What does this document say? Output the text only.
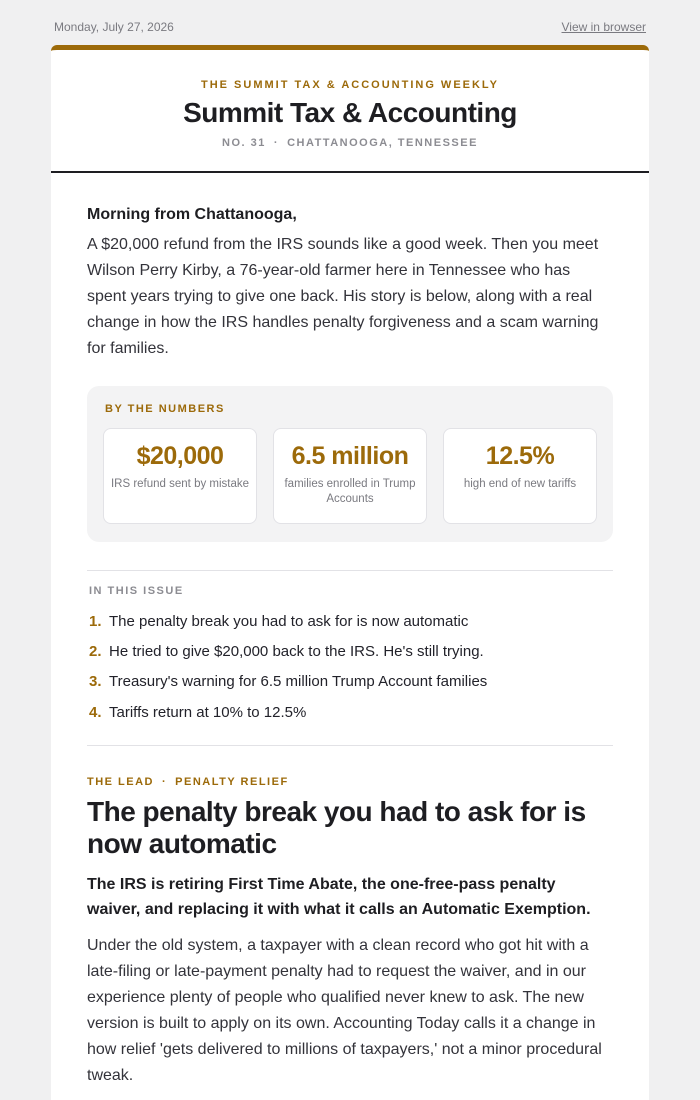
Monday, July 27, 2026	View in browser
THE SUMMIT TAX & ACCOUNTING WEEKLY
Summit Tax & Accounting
NO. 31 · CHATTANOOGA, TENNESSEE
Morning from Chattanooga,

A $20,000 refund from the IRS sounds like a good week. Then you meet Wilson Perry Kirby, a 76-year-old farmer here in Tennessee who has spent years trying to give one back. His story is below, along with a real change in how the IRS handles penalty forgiveness and a scam warning for families.

BY THE NUMBERS
$20,000
IRS refund sent by mistake
6.5 million
families enrolled in Trump Accounts
12.5%
high end of new tariffs
IN THIS ISSUE
1. The penalty break you had to ask for is now automatic
2. He tried to give $20,000 back to the IRS. He's still trying.
3. Treasury's warning for 6.5 million Trump Account families
4. Tariffs return at 10% to 12.5%
THE LEAD · PENALTY RELIEF
The penalty break you had to ask for is now automatic

The IRS is retiring First Time Abate, the one-free-pass penalty waiver, and replacing it with what it calls an Automatic Exemption.

Under the old system, a taxpayer with a clean record who got hit with a late-filing or late-payment penalty had to request the waiver, and in our experience plenty of people who qualified never knew to ask. The new version is built to apply on its own. Accounting Today calls it a change in how relief 'gets delivered to millions of taxpayers,' not a minor procedural tweak.
